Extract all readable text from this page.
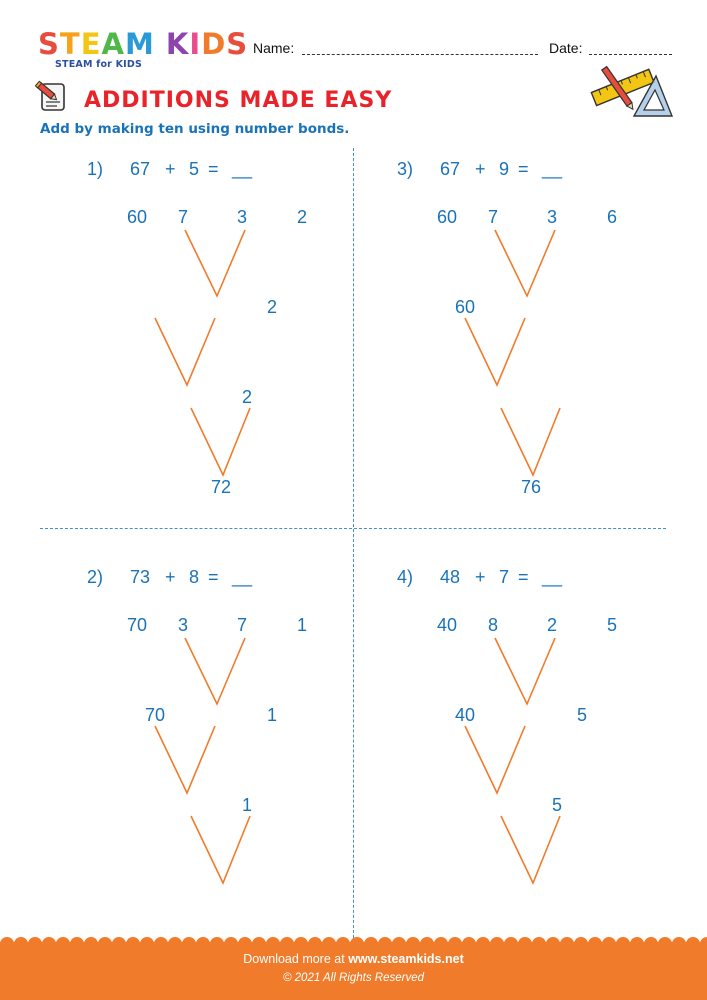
STEAM KIDS
STEAM for KIDS
Name:	Date:
ADDITIONS MADE EASY
Add by making ten using number bonds.
1) 67 + 5 = __
60 7	3	2
2
2
72
3) 67 + 9 = __
60 7	3	6
60
76
2) 73 + 8 = __
70 3	7	1
70	1
1
4) 48 + 7 = __
40 8	2	5
40	5
5
Download more at www.steamkids.net
© 2021 All Rights Reserved
